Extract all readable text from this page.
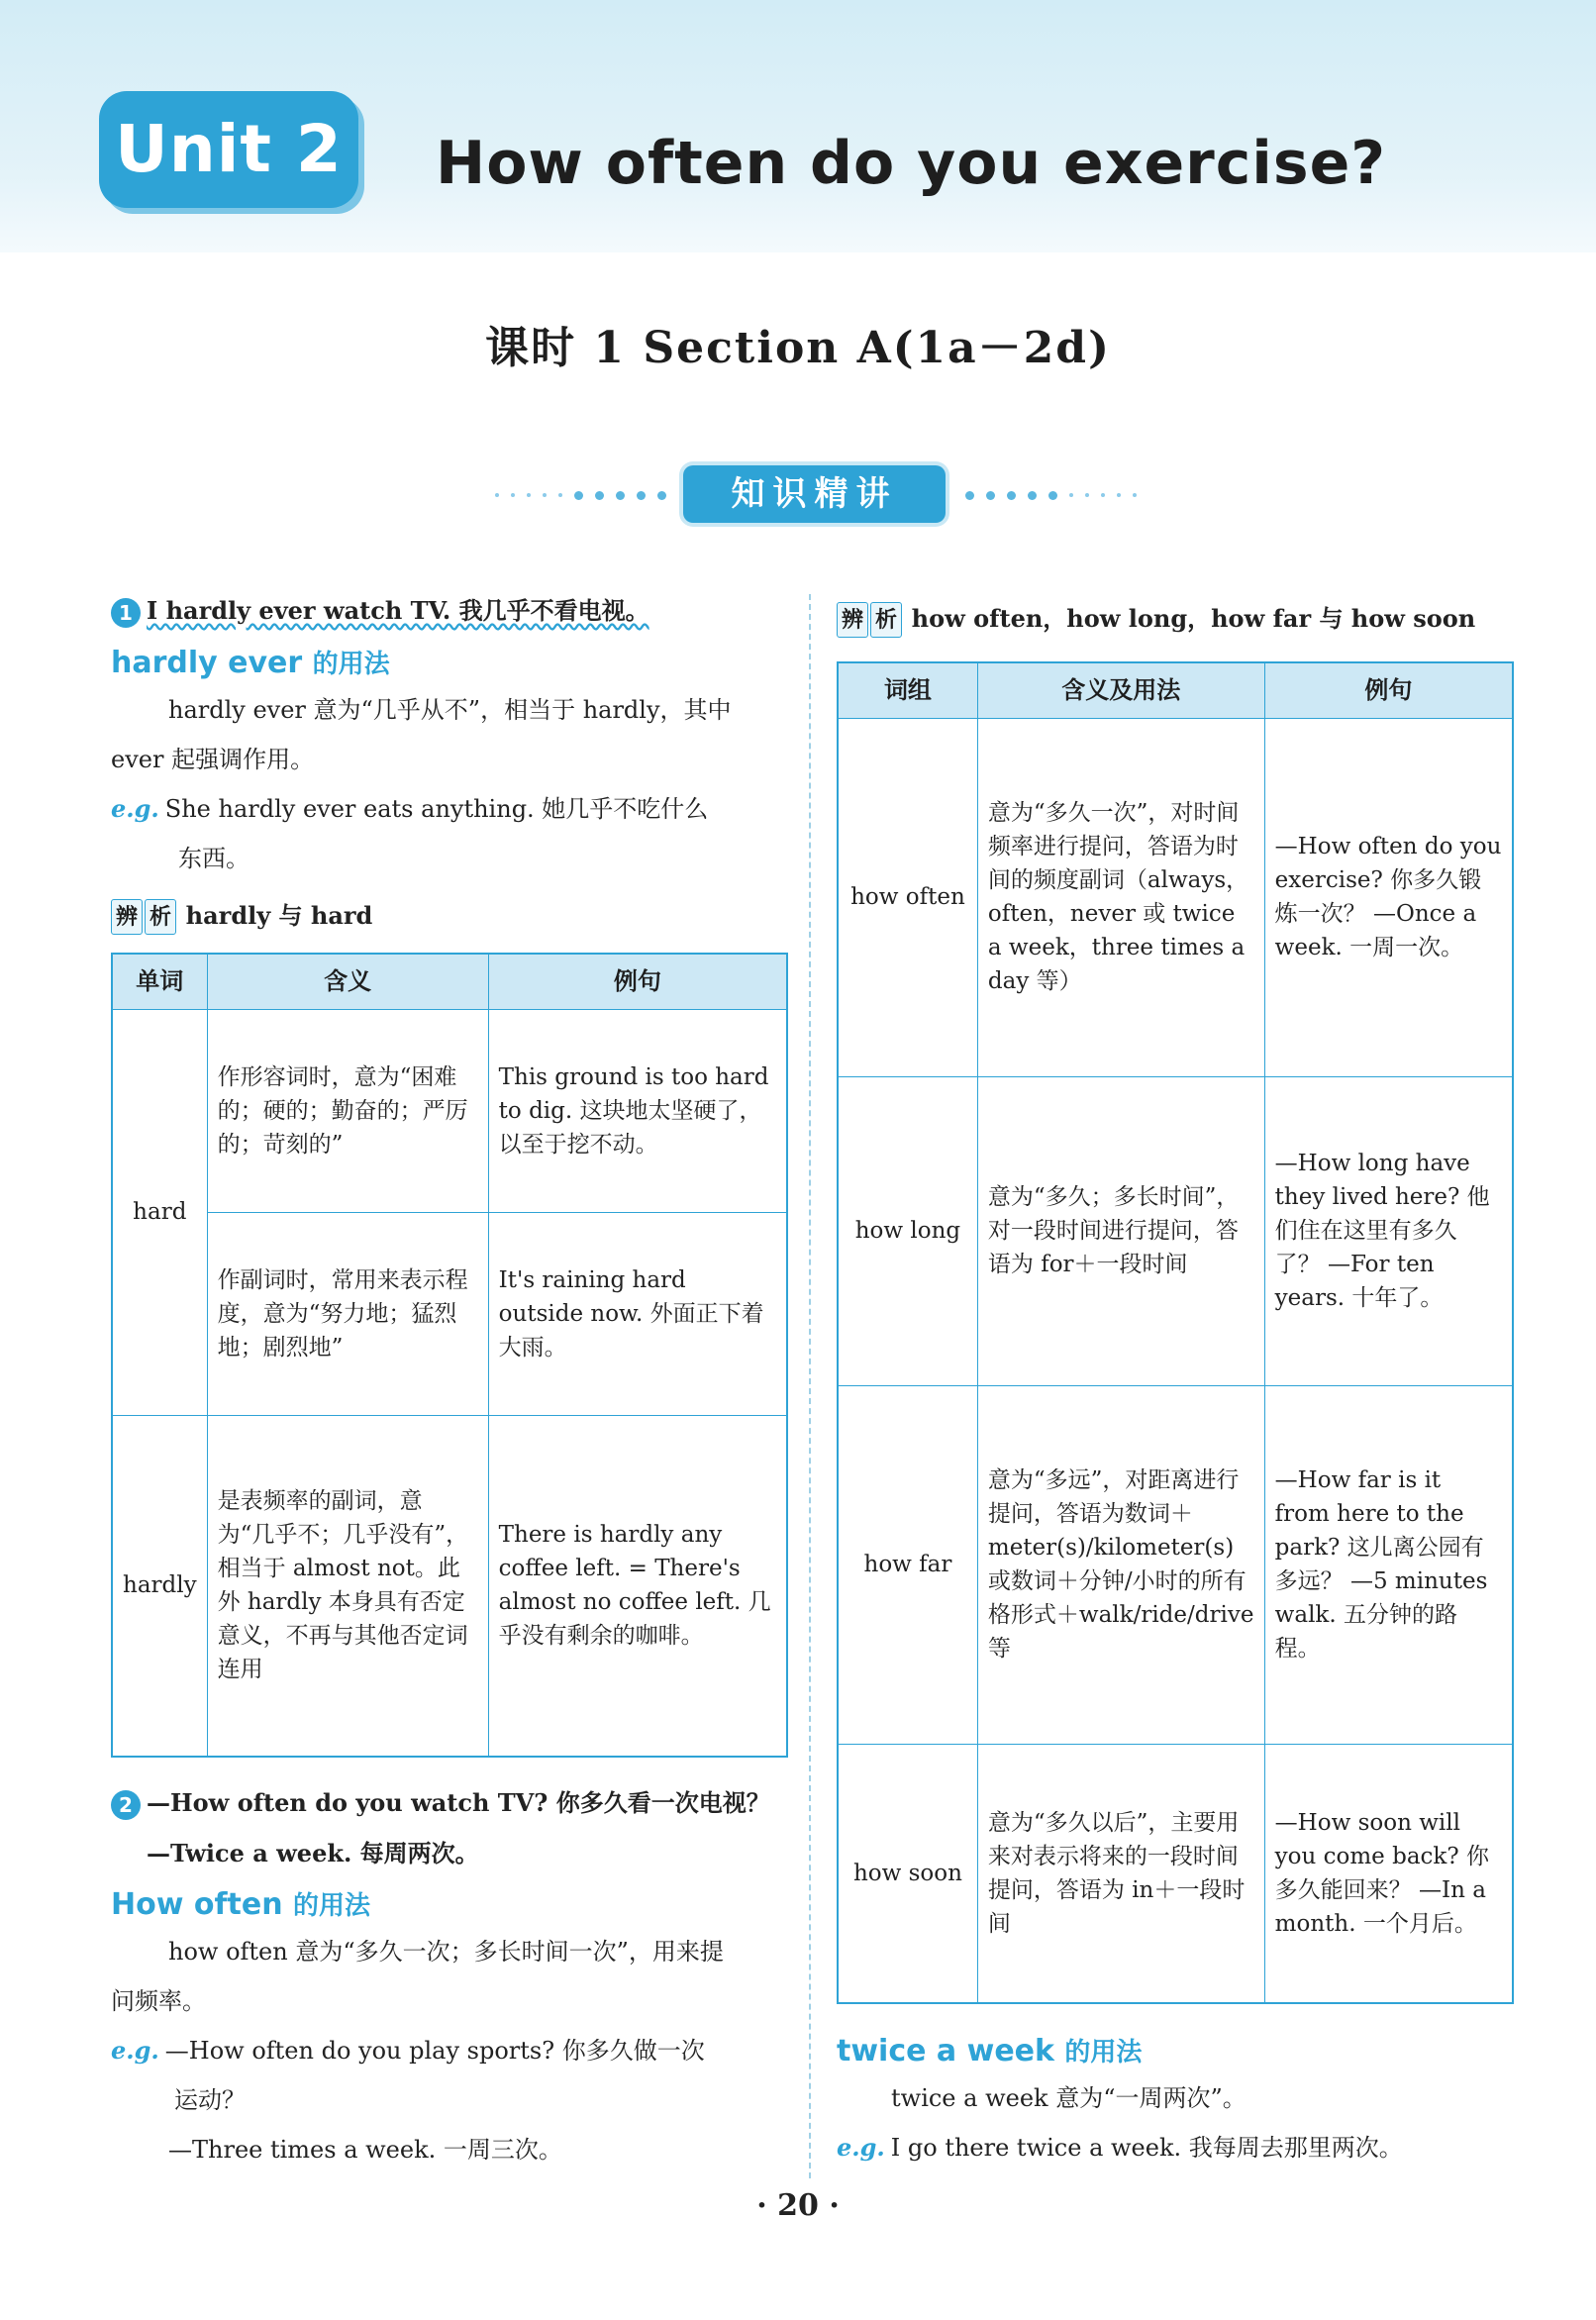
Unit 2 How often do you exercise?
课时 1 Section A(1a－2d)
知识精讲
1 I hardly ever watch TV. 我几乎不看电视。
hardly ever 的用法
hardly ever 意为“几乎从不”，相当于 hardly，其中
ever 起强调作用。
e.g. She hardly ever eats anything. 她几乎不吃什么
东西。
辨 析 hardly 与 hard
单词	含义	例句
hard	作形容词时，意为“困难的；硬的；勤奋的；严厉的；苛刻的”	This ground is too hard to dig. 这块地太坚硬了，以至于挖不动。
	作副词时，常用来表示程度，意为“努力地；猛烈地；剧烈地”	It's raining hard outside now. 外面正下着大雨。
hardly	是表频率的副词，意为“几乎不；几乎没有”，相当于 almost not。此外 hardly 本身具有否定意义，不再与其他否定词连用	There is hardly any coffee left. = There's almost no coffee left. 几乎没有剩余的咖啡。
2 —How often do you watch TV? 你多久看一次电视？
—Twice a week. 每周两次。
How often 的用法
how often 意为“多久一次；多长时间一次”，用来提
问频率。
e.g. —How often do you play sports? 你多久做一次
运动？
—Three times a week. 一周三次。
辨 析 how often，how long，how far 与 how soon
词组	含义及用法	例句
how often	意为“多久一次”，对时间频率进行提问，答语为时间的频度副词（always，often，never 或 twice a week，three times a day 等）	—How often do you exercise? 你多久锻炼一次？ —Once a week. 一周一次。
how long	意为“多久；多长时间”，对一段时间进行提问，答语为 for＋一段时间	—How long have they lived here? 他们住在这里有多久了？ —For ten years. 十年了。
how far	意为“多远”，对距离进行提问，答语为数词＋meter(s)/kilometer(s)或数词＋分钟/小时的所有格形式＋walk/ride/drive 等	—How far is it from here to the park? 这儿离公园有多远？ —5 minutes walk. 五分钟的路程。
how soon	意为“多久以后”，主要用来对表示将来的一段时间提问，答语为 in＋一段时间	—How soon will you come back? 你多久能回来？ —In a month. 一个月后。
twice a week 的用法
twice a week 意为“一周两次”。
e.g. I go there twice a week. 我每周去那里两次。
· 20 ·
